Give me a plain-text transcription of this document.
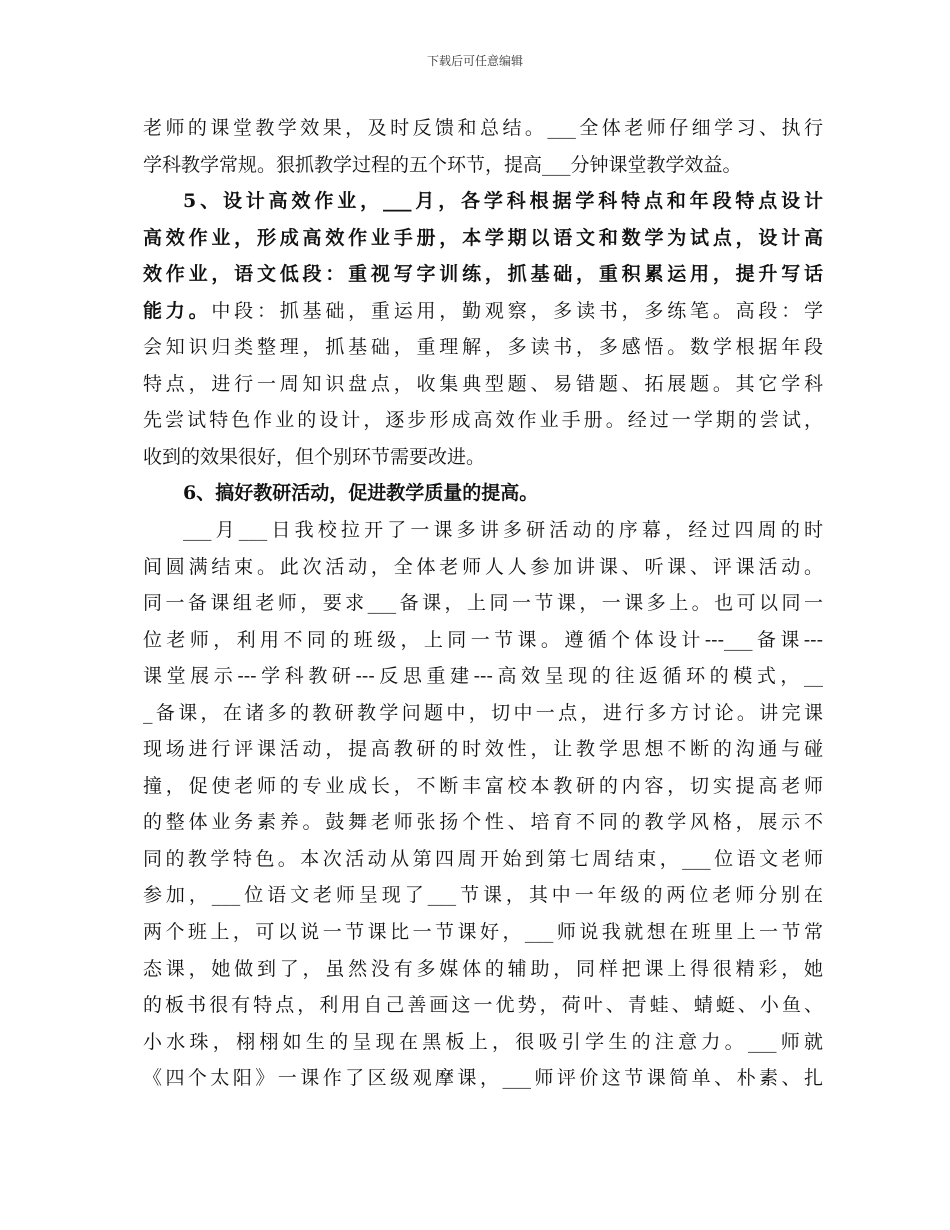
下载后可任意编辑
老师的课堂教学效果，及时反馈和总结。___全体老师仔细学习、执行
学科教学常规。狠抓教学过程的五个环节，提高___分钟课堂教学效益。
5、设计高效作业，___月，各学科根据学科特点和年段特点设计
高效作业，形成高效作业手册，本学期以语文和数学为试点，设计高
效作业，语文低段：重视写字训练，抓基础，重积累运用，提升写话
能力。中段：抓基础，重运用，勤观察，多读书，多练笔。高段：学
会知识归类整理，抓基础，重理解，多读书，多感悟。数学根据年段
特点，进行一周知识盘点，收集典型题、易错题、拓展题。其它学科
先尝试特色作业的设计，逐步形成高效作业手册。经过一学期的尝试，
收到的效果很好，但个别环节需要改进。
6、搞好教研活动，促进教学质量的提高。
___月___日我校拉开了一课多讲多研活动的序幕，经过四周的时
间圆满结束。此次活动，全体老师人人参加讲课、听课、评课活动。
同一备课组老师，要求___备课，上同一节课，一课多上。也可以同一
位老师，利用不同的班级，上同一节课。遵循个体设计---___备课---
课堂展示---学科教研---反思重建---高效呈现的往返循环的模式，__
_备课，在诸多的教研教学问题中，切中一点，进行多方讨论。讲完课
现场进行评课活动，提高教研的时效性，让教学思想不断的沟通与碰
撞，促使老师的专业成长，不断丰富校本教研的内容，切实提高老师
的整体业务素养。鼓舞老师张扬个性、培育不同的教学风格，展示不
同的教学特色。本次活动从第四周开始到第七周结束，___位语文老师
参加，___位语文老师呈现了___节课，其中一年级的两位老师分别在
两个班上，可以说一节课比一节课好，___师说我就想在班里上一节常
态课，她做到了，虽然没有多媒体的辅助，同样把课上得很精彩，她
的板书很有特点，利用自己善画这一优势，荷叶、青蛙、蜻蜓、小鱼、
小水珠，栩栩如生的呈现在黑板上，很吸引学生的注意力。___师就
《四个太阳》一课作了区级观摩课，___师评价这节课简单、朴素、扎
